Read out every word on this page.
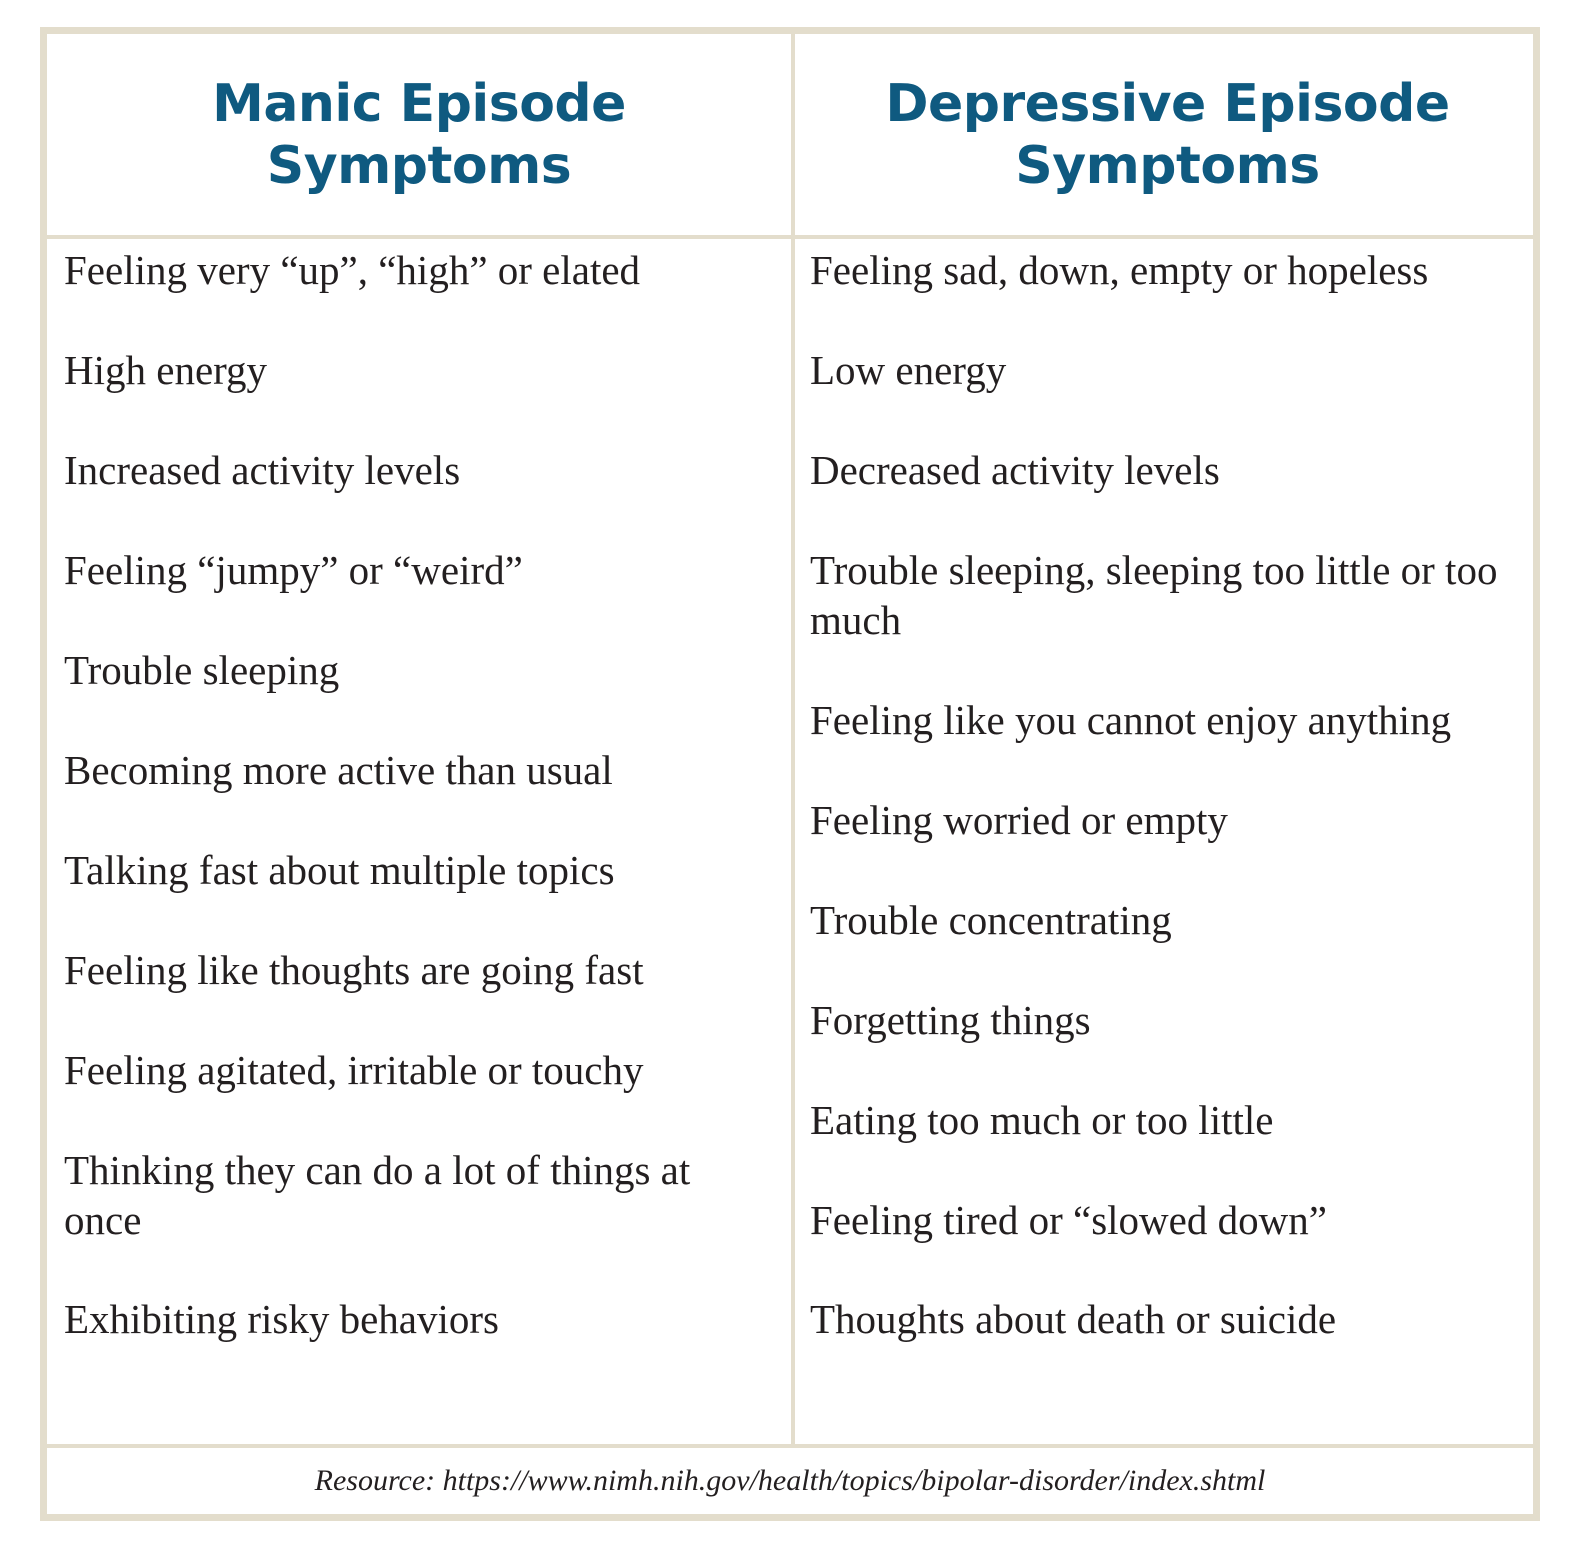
Manic Episode
Symptoms
Depressive Episode
Symptoms
Feeling very “up”, “high” or elated
High energy
Increased activity levels
Feeling “jumpy” or “weird”
Trouble sleeping
Becoming more active than usual
Talking fast about multiple topics
Feeling like thoughts are going fast
Feeling agitated, irritable or touchy
Thinking they can do a lot of things at once
Exhibiting risky behaviors
Feeling sad, down, empty or hopeless
Low energy
Decreased activity levels
Trouble sleeping, sleeping too little or too much
Feeling like you cannot enjoy anything
Feeling worried or empty
Trouble concentrating
Forgetting things
Eating too much or too little
Feeling tired or “slowed down”
Thoughts about death or suicide
Resource: https://www.nimh.nih.gov/health/topics/bipolar-disorder/index.shtml
